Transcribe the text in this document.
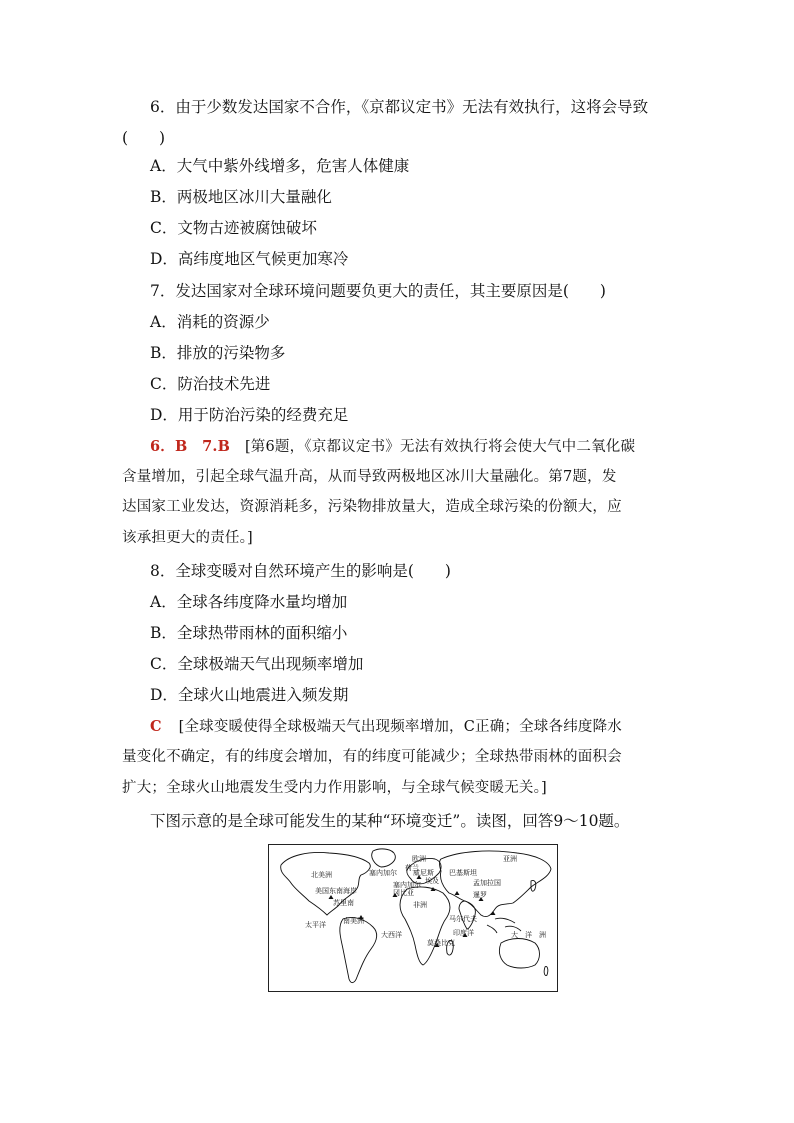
6．由于少数发达国家不合作，《京都议定书》无法有效执行，这将会导致
(　　)
A．大气中紫外线增多，危害人体健康
B．两极地区冰川大量融化
C．文物古迹被腐蚀破坏
D．高纬度地区气候更加寒冷
7．发达国家对全球环境问题要负更大的责任，其主要原因是(　　)
A．消耗的资源少
B．排放的污染物多
C．防治技术先进
D．用于防治污染的经费充足
6．B　7.B [第6题，《京都议定书》无法有效执行将会使大气中二氧化碳
含量增加，引起全球气温升高，从而导致两极地区冰川大量融化。第7题，发
达国家工业发达，资源消耗多，污染物排放量大，造成全球污染的份额大，应
该承担更大的责任。]
8．全球变暖对自然环境产生的影响是(　　)
A．全球各纬度降水量均增加
B．全球热带雨林的面积缩小
C．全球极端天气出现频率增加
D．全球火山地震进入频发期
C [全球变暖使得全球极端天气出现频率增加，C正确；全球各纬度降水
量变化不确定，有的纬度会增加，有的纬度可能减少；全球热带雨林的面积会
扩大；全球火山地震发生受内力作用影响，与全球气候变暖无关。]
下图示意的是全球可能发生的某种“环境变迁”。读图，回答9～10题。
欧洲	亚洲
荷兰
北美洲	塞内加尔 威尼斯 巴基斯坦
埃及	孟加拉国
美国东南海岸
塞内加尔
冈比亚	暹罗
非洲
苏里南
太平洋 南美洲	马尔代夫
大西洋	印度洋
莫桑比克
大 洋 洲
